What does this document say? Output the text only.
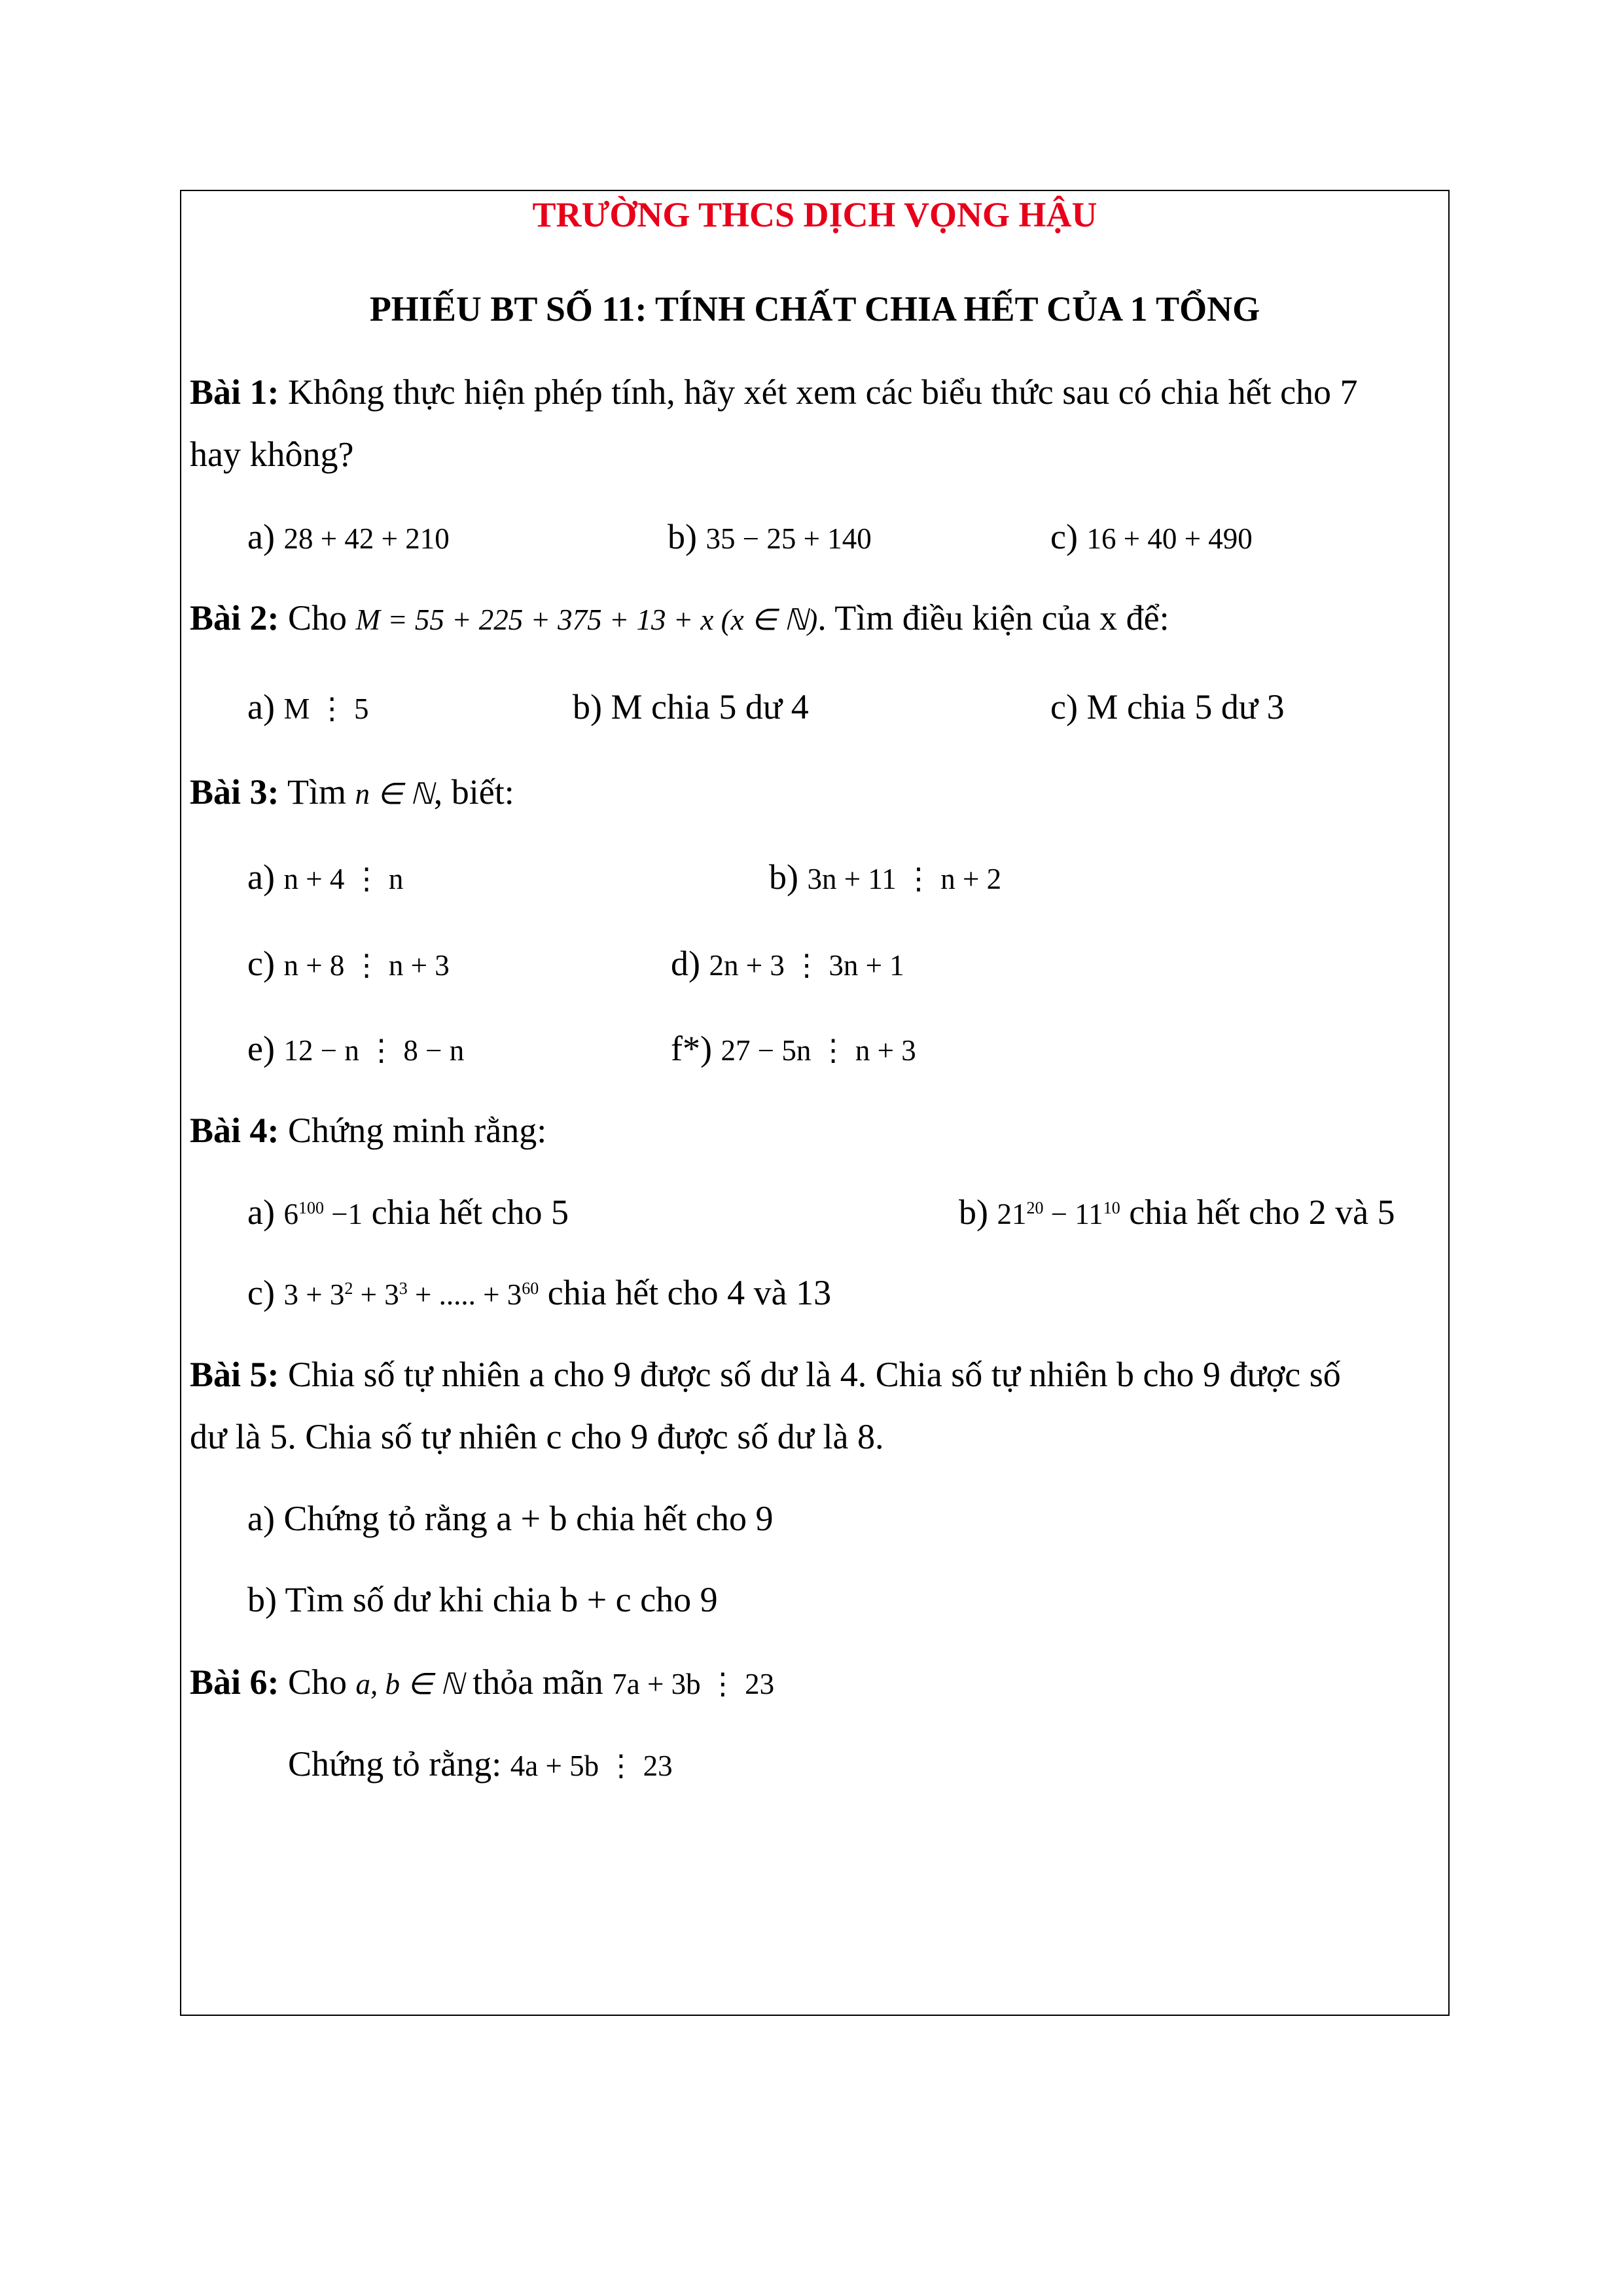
TRƯỜNG THCS DỊCH VỌNG HẬU
PHIẾU BT SỐ 11: TÍNH CHẤT CHIA HẾT CỦA 1 TỔNG
Bài 1: Không thực hiện phép tính, hãy xét xem các biểu thức sau có chia hết cho 7
hay không?
a) 28 + 42 + 210	b) 35 − 25 + 140	c) 16 + 40 + 490
Bài 2: Cho M = 55 + 225 + 375 + 13 + x (x ∈ ℕ). Tìm điều kiện của x để:
a) M ⋮ 5	b) M chia 5 dư 4	c) M chia 5 dư 3
Bài 3: Tìm n ∈ ℕ, biết:
a) n + 4 ⋮ n	b) 3n + 11 ⋮ n + 2
c) n + 8 ⋮ n + 3	d) 2n + 3 ⋮ 3n + 1
e) 12 − n ⋮ 8 − n	f*) 27 − 5n ⋮ n + 3
Bài 4: Chứng minh rằng:
a) $6^{100} -1$ chia hết cho 5	b) $21^{20} - 11^{10}$ chia hết cho 2 và 5
c) $3 + 3^2 + 3^3$ + ..... + $3^{60}$ chia hết cho 4 và 13
Bài 5: Chia số tự nhiên a cho 9 được số dư là 4. Chia số tự nhiên b cho 9 được số
dư là 5. Chia số tự nhiên c cho 9 được số dư là 8.
a) Chứng tỏ rằng a + b chia hết cho 9
b) Tìm số dư khi chia b + c cho 9
Bài 6: Cho a, b ∈ ℕ thỏa mãn 7a + 3b ⋮ 23
Chứng tỏ rằng: 4a + 5b ⋮ 23
